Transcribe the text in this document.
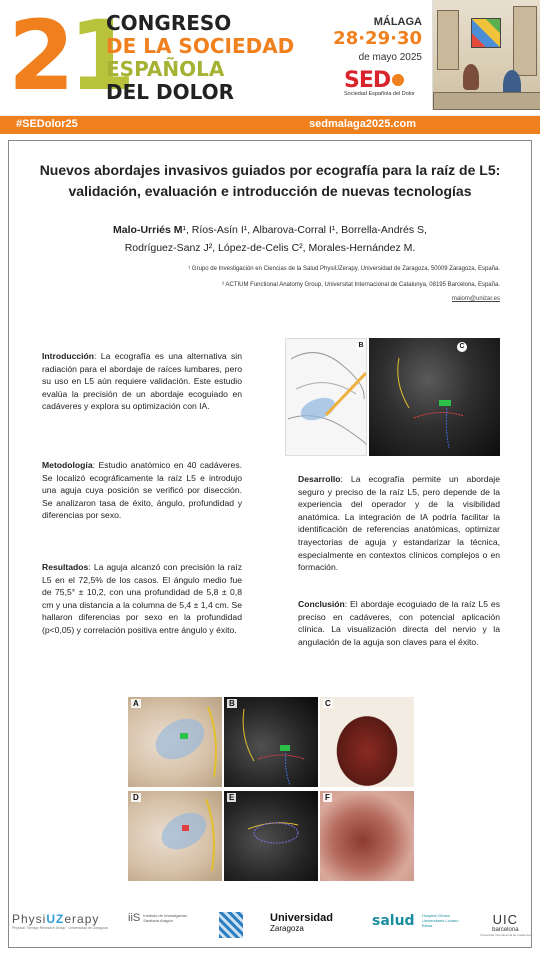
21
CONGRESO
DE LA SOCIEDAD
ESPAÑOLA
DEL DOLOR
MÁLAGA
28·29·30
de mayo 2025
SED
Sociedad Española del Dolor
#SEDolor25	sedmalaga2025.com
Nuevos abordajes invasivos guiados por ecografía para la raíz de L5:
validación, evaluación e introducción de nuevas tecnologías
Malo-Urriés M¹, Ríos-Asín I¹, Albarova-Corral I¹, Borrella-Andrés S,
Rodríguez-Sanz J², López-de-Celis C², Morales-Hernández M.
¹ Grupo de Investigación en Ciencias de la Salud PhysiUZerapy, Universidad de Zaragoza, 50009 Zaragoza, España.
² ACTIUM Functional Anatomy Group, Universitat Internacional de Catalunya, 08195 Barcelona, España.
malom@unizar.es

Introducción: La ecografía es una alternativa sin radiación para el abordaje de raíces lumbares, pero su uso en L5 aún requiere validación. Este estudio evalúa la precisión de un abordaje ecoguiado en cadáveres y explora su optimización con IA.

Metodología: Estudio anatómico en 40 cadáveres. Se localizó ecográficamente la raíz L5 e introdujo una aguja cuya posición se verificó por disección. Se analizaron tasa de éxito, ángulo, profundidad y diferencias por sexo.

Resultados: La aguja alcanzó con precisión la raíz L5 en el 72,5% de los casos. El ángulo medio fue de 75,5° ± 10,2, con una profundidad de 5,8 ± 0,8 cm y una distancia a la columna de 5,4 ± 1,4 cm. Se hallaron diferencias por sexo en la profundidad (p<0,05) y correlación positiva entre ángulo y éxito.

B	C

Desarrollo: La ecografía permite un abordaje seguro y preciso de la raíz L5, pero depende de la experiencia del operador y de la visibilidad anatómica. La integración de IA podría facilitar la identificación de referencias anatómicas, optimizar trayectorias de aguja y estandarizar la técnica, especialmente en contextos clínicos complejos o en formación.

Conclusión: El abordaje ecoguiado de la raíz L5 es preciso en cadáveres, con potencial aplicación clínica. La visualización directa del nervio y la angulación de la aguja son claves para el éxito.

A	B	C
D	E	F
PhysiUZerapy
Physical Therapy Research Group · Universidad de Zaragoza
iiS Instituto de Investigación Sanitaria Aragón	Universidad
Zaragoza	salud Hospital Clínico Universitario Lozano Blesa	UIC
barcelona
Universitat Internacional de Catalunya
